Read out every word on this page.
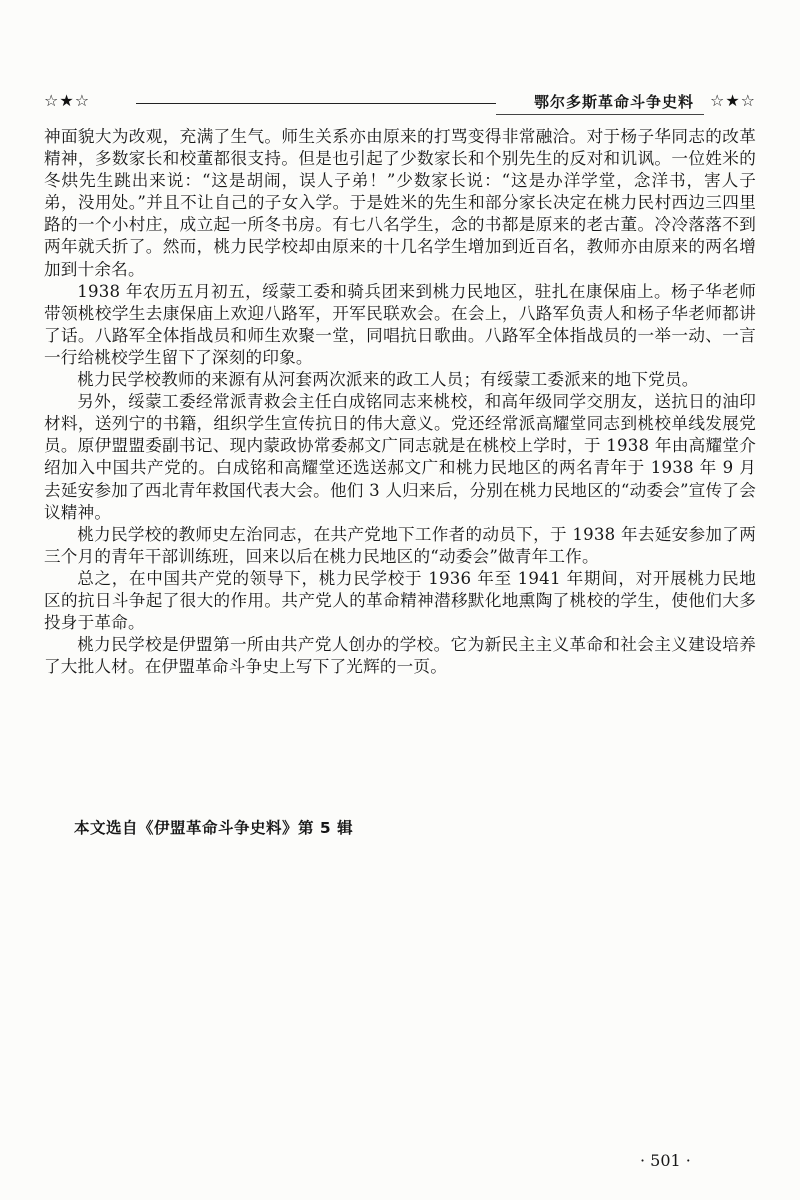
☆★☆	鄂尔多斯革命斗争史料 ☆★☆

神面貌大为改观，充满了生气。师生关系亦由原来的打骂变得非常融洽。对于杨子华同志的改革精神，多数家长和校董都很支持。但是也引起了少数家长和个别先生的反对和讥讽。一位姓米的冬烘先生跳出来说：“这是胡闹，误人子弟！”少数家长说：“这是办洋学堂，念洋书，害人子弟，没用处。”并且不让自己的子女入学。于是姓米的先生和部分家长决定在桃力民村西边三四里路的一个小村庄，成立起一所冬书房。有七八名学生，念的书都是原来的老古董。冷冷落落不到两年就夭折了。然而，桃力民学校却由原来的十几名学生增加到近百名，教师亦由原来的两名增加到十余名。

1938 年农历五月初五，绥蒙工委和骑兵团来到桃力民地区，驻扎在康保庙上。杨子华老师带领桃校学生去康保庙上欢迎八路军，开军民联欢会。在会上，八路军负责人和杨子华老师都讲了话。八路军全体指战员和师生欢聚一堂，同唱抗日歌曲。八路军全体指战员的一举一动、一言一行给桃校学生留下了深刻的印象。

桃力民学校教师的来源有从河套两次派来的政工人员；有绥蒙工委派来的地下党员。

另外，绥蒙工委经常派青救会主任白成铭同志来桃校，和高年级同学交朋友，送抗日的油印材料，送列宁的书籍，组织学生宣传抗日的伟大意义。党还经常派高耀堂同志到桃校单线发展党员。原伊盟盟委副书记、现内蒙政协常委郝文广同志就是在桃校上学时，于 1938 年由高耀堂介绍加入中国共产党的。白成铭和高耀堂还选送郝文广和桃力民地区的两名青年于 1938 年 9 月去延安参加了西北青年救国代表大会。他们 3 人归来后，分别在桃力民地区的“动委会”宣传了会议精神。

桃力民学校的教师史左治同志，在共产党地下工作者的动员下，于 1938 年去延安参加了两三个月的青年干部训练班，回来以后在桃力民地区的“动委会”做青年工作。

总之，在中国共产党的领导下，桃力民学校于 1936 年至 1941 年期间，对开展桃力民地区的抗日斗争起了很大的作用。共产党人的革命精神潜移默化地熏陶了桃校的学生，使他们大多投身于革命。

桃力民学校是伊盟第一所由共产党人创办的学校。它为新民主主义革命和社会主义建设培养了大批人材。在伊盟革命斗争史上写下了光辉的一页。

本文选自《伊盟革命斗争史料》第 5 辑
· 501 ·
